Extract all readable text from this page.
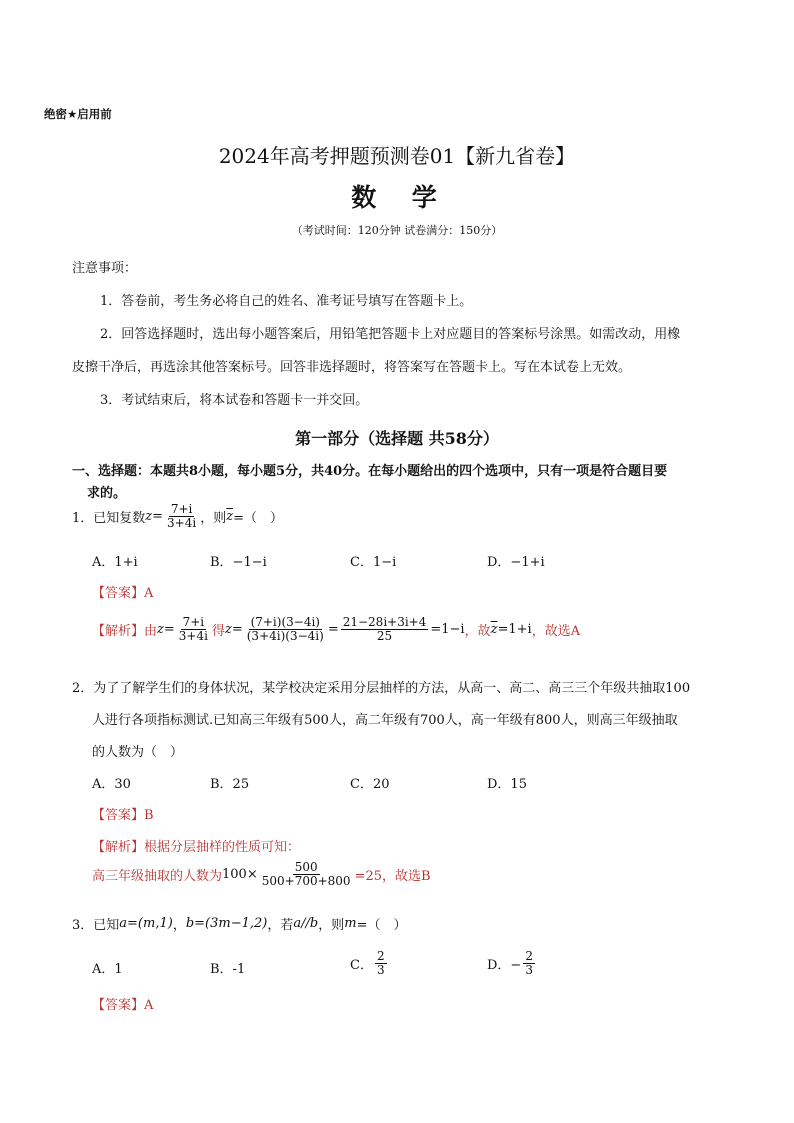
绝密★启用前
2024年高考押题预测卷01【新九省卷】
数  学
（考试时间：120分钟 试卷满分：150分）
注意事项：
1．答卷前，考生务必将自己的姓名、准考证号填写在答题卡上。
2．回答选择题时，选出每小题答案后，用铅笔把答题卡上对应题目的答案标号涂黑。如需改动，用橡
皮擦干净后，再选涂其他答案标号。回答非选择题时，将答案写在答题卡上。写在本试卷上无效。
3．考试结束后，将本试卷和答题卡一并交回。
第一部分（选择题 共58分）
一、选择题：本题共8小题，每小题5分，共40分。在每小题给出的四个选项中，只有一项是符合题目要
求的。
1．已知复数 $z = \frac{7+i}{3+4i}$ ，则 $\overline{z}$ =（　）
A．1+i	B．−1−i	C．1−i	D．−1+i
【答案】A
【解析】 由 $z = \frac{7+i}{3+4i}$ 得 $z = \frac{(7+i)(3-4i)}{(3+4i)(3-4i)} = \frac{21-28i+3i+4}{25} =1-i$ ，故 $\overline{z} =1+i$ ，故选A
2．为了了解学生们的身体状况，某学校决定采用分层抽样的方法，从高一、高二、高三三个年级共抽取100
人进行各项指标测试.已知高三年级有500人，高二年级有700人，高一年级有800人，则高三年级抽取
的人数为（　）
A．30	B．25	C．20	D．15
【答案】B
【解析】根据分层抽样的性质可知：
高三年级抽取的人数为 $100\times \frac{500}{500+700+800} =25$，故选B
3．已知 a=(m,1) ， b=(3m−1,2) ，若 a//b ，则 m =（　）
A．1	B．-1	C． $\frac{2}{3}$	D．− $\frac{2}{3}$
【答案】A
